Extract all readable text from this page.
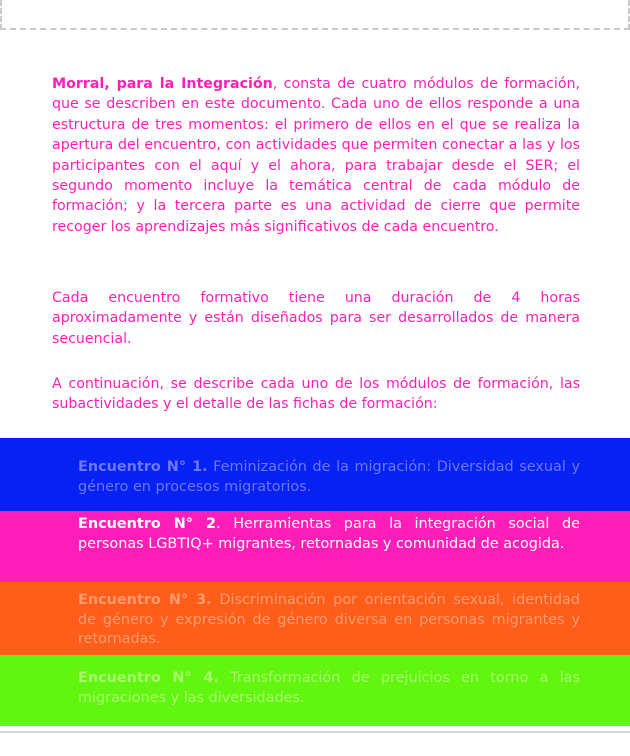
Morral, para la Integración, consta de cuatro módulos de formación, que se describen en este documento. Cada uno de ellos responde a una estructura de tres momentos: el primero de ellos en el que se realiza la apertura del encuentro, con actividades que permiten conectar a las y los participantes con el aquí y el ahora, para trabajar desde el SER; el segundo momento incluye la temática central de cada módulo de formación; y la tercera parte es una actividad de cierre que permite recoger los aprendizajes más significativos de cada encuentro.

Cada encuentro formativo tiene una duración de 4 horas aproximadamente y están diseñados para ser desarrollados de manera secuencial.

A continuación, se describe cada uno de los módulos de formación, las subactividades y el detalle de las fichas de formación:

Encuentro N° 1. Feminización de la migración: Diversidad sexual y género en procesos migratorios.

Encuentro N° 2. Herramientas para la integración social de personas LGBTIQ+ migrantes, retornadas y comunidad de acogida.

Encuentro N° 3. Discriminación por orientación sexual, identidad de género y expresión de género diversa en personas migrantes y retornadas.

Encuentro N° 4. Transformación de prejuicios en torno a las migraciones y las diversidades.
